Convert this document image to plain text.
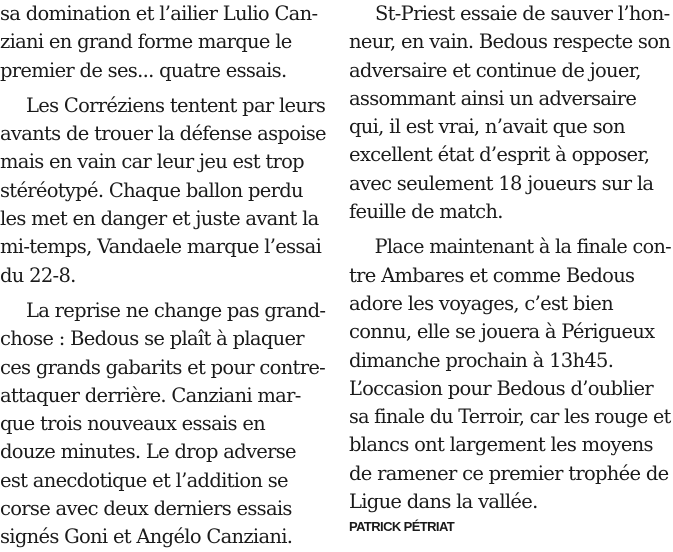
sa domination et l’ailier Lulio Can-
ziani en grand forme marque le
premier de ses... quatre essais.
Les Corréziens tentent par leurs
avants de trouer la défense aspoise
mais en vain car leur jeu est trop
stéréotypé. Chaque ballon perdu
les met en danger et juste avant la
mi-temps, Vandaele marque l’essai
du 22-8.
La reprise ne change pas grand-
chose : Bedous se plaît à plaquer
ces grands gabarits et pour contre-
attaquer derrière. Canziani mar-
que trois nouveaux essais en
douze minutes. Le drop adverse
est anecdotique et l’addition se
corse avec deux derniers essais
signés Goni et Angélo Canziani.
St-Priest essaie de sauver l’hon-
neur, en vain. Bedous respecte son
adversaire et continue de jouer,
assommant ainsi un adversaire
qui, il est vrai, n’avait que son
excellent état d’esprit à opposer,
avec seulement 18 joueurs sur la
feuille de match.
Place maintenant à la finale con-
tre Ambares et comme Bedous
adore les voyages, c’est bien
connu, elle se jouera à Périgueux
dimanche prochain à 13h45.
L’occasion pour Bedous d’oublier
sa finale du Terroir, car les rouge et
blancs ont largement les moyens
de ramener ce premier trophée de
Ligue dans la vallée.
PATRICK PÉTRIAT
